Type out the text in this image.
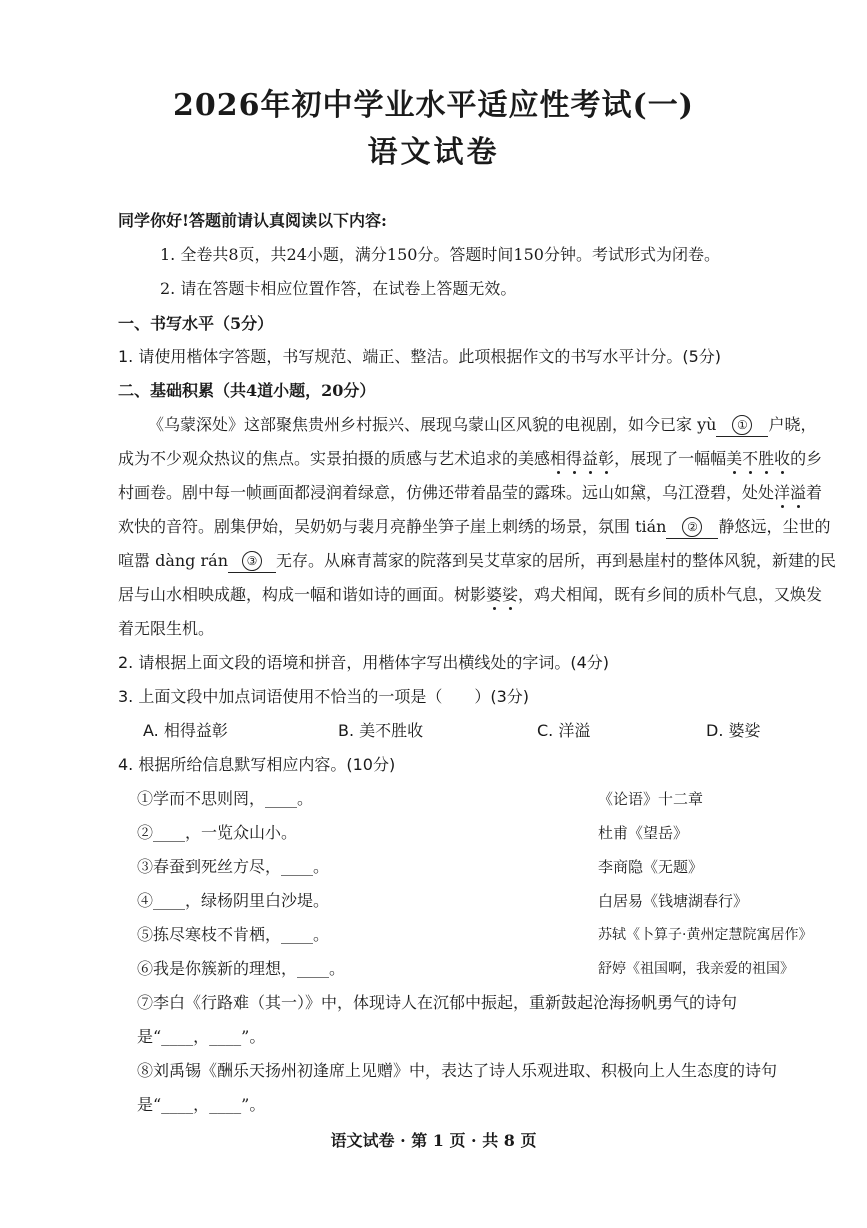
2026年初中学业水平适应性考试(一)
语文试卷
同学你好!答题前请认真阅读以下内容:
1. 全卷共8页，共24小题，满分150分。答题时间150分钟。考试形式为闭卷。
2. 请在答题卡相应位置作答，在试卷上答题无效。
一、书写水平（5分）
1. 请使用楷体字答题，书写规范、端正、整洁。此项根据作文的书写水平计分。(5分)
二、基础积累（共4道小题，20分）
《乌蒙深处》这部聚焦贵州乡村振兴、展现乌蒙山区风貌的电视剧，如今已家 yù ① 户晓，
成为不少观众热议的焦点。实景拍摄的质感与艺术追求的美感相得益彰，展现了一幅幅美不胜收的乡
村画卷。剧中每一帧画面都浸润着绿意，仿佛还带着晶莹的露珠。远山如黛，乌江澄碧，处处洋溢着
欢快的音符。剧集伊始，吴奶奶与裴月亮静坐笋子崖上刺绣的场景，氛围 tián ② 静悠远，尘世的
喧嚣 dàng rán ③ 无存。从麻青蒿家的院落到吴艾草家的居所，再到悬崖村的整体风貌，新建的民
居与山水相映成趣，构成一幅和谐如诗的画面。树影婆娑，鸡犬相闻，既有乡间的质朴气息，又焕发
着无限生机。
2. 请根据上面文段的语境和拼音，用楷体字写出横线处的字词。(4分)
3. 上面文段中加点词语使用不恰当的一项是（　　）(3分)
A. 相得益彰	B. 美不胜收	C. 洋溢	D. 婆娑
4. 根据所给信息默写相应内容。(10分)
①学而不思则罔，____。	《论语》十二章
②____，一览众山小。	杜甫《望岳》
③春蚕到死丝方尽，____。	李商隐《无题》
④____，绿杨阴里白沙堤。	白居易《钱塘湖春行》
⑤拣尽寒枝不肯栖，____。	苏轼《卜算子·黄州定慧院寓居作》
⑥我是你簇新的理想，____。	舒婷《祖国啊，我亲爱的祖国》
⑦李白《行路难（其一）》中，体现诗人在沉郁中振起，重新鼓起沧海扬帆勇气的诗句
是“____，____”。
⑧刘禹锡《酬乐天扬州初逢席上见赠》中，表达了诗人乐观进取、积极向上人生态度的诗句
是“____，____”。
语文试卷 · 第 1 页 · 共 8 页
